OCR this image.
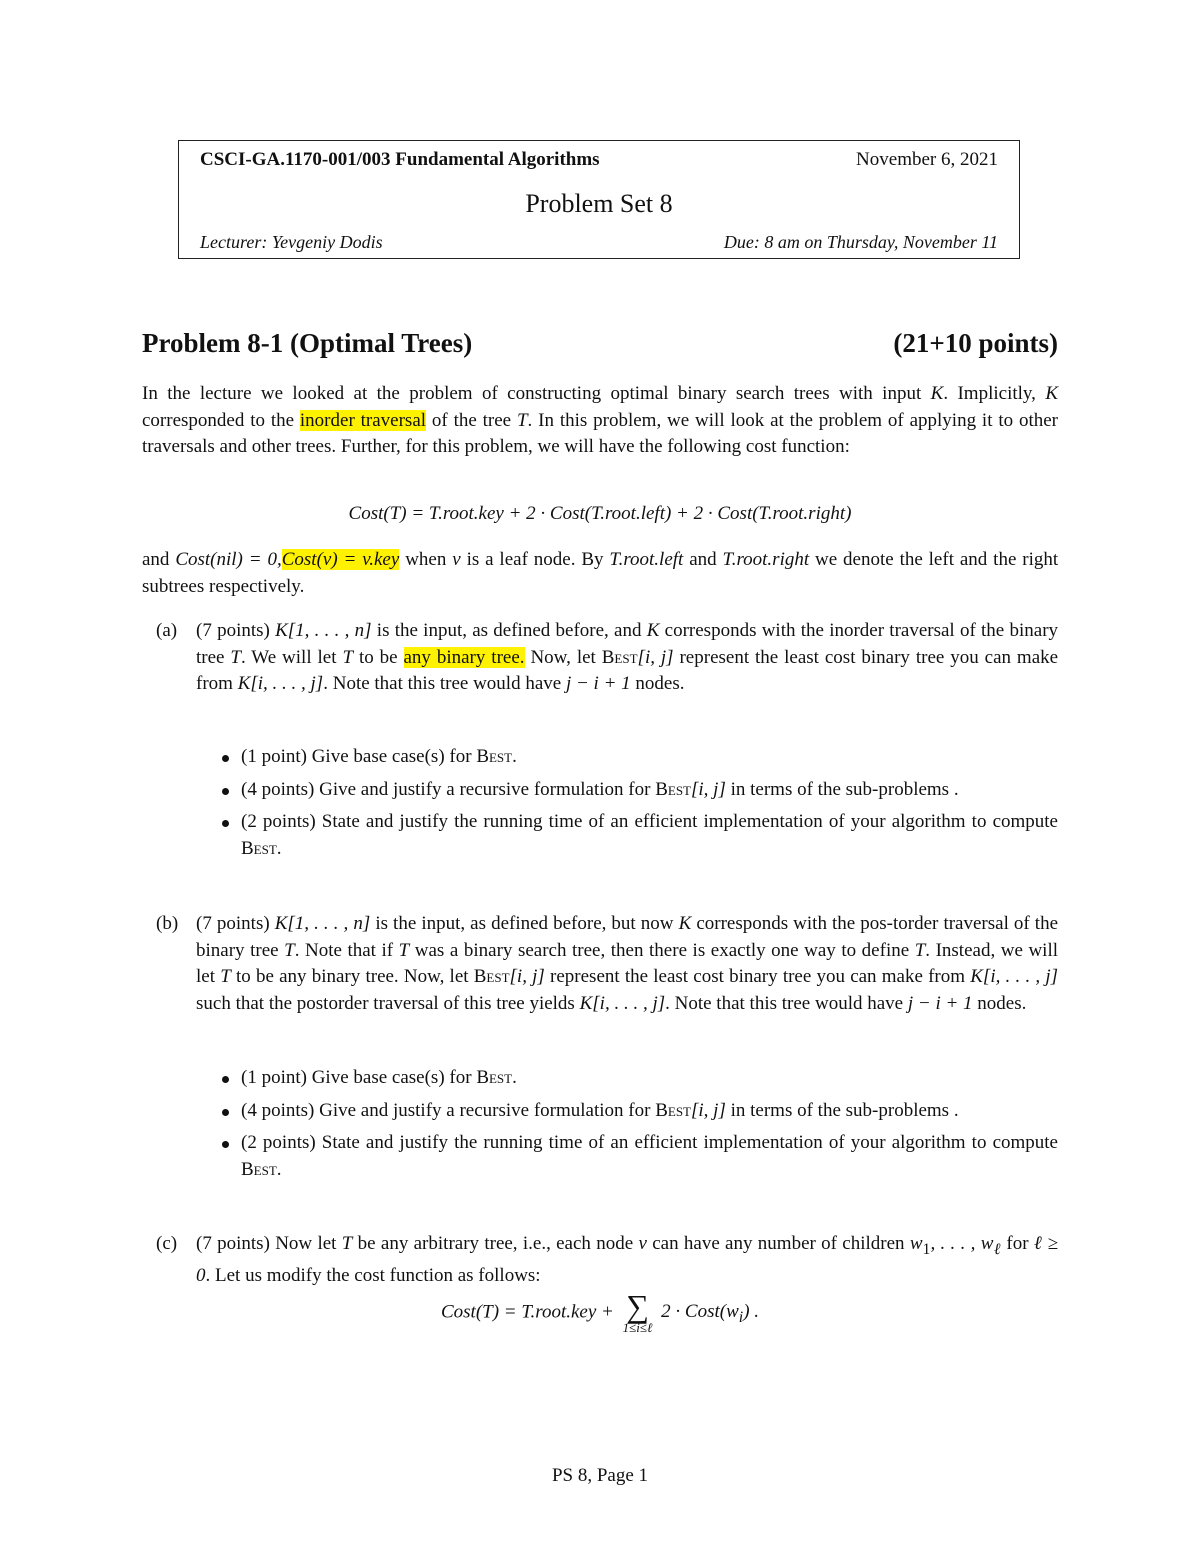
CSCI-GA.1170-001/003 Fundamental Algorithms	November 6, 2021
Problem Set 8
Lecturer: Yevgeniy Dodis	Due: 8 am on Thursday, November 11
Problem 8-1 (Optimal Trees)	(21+10 points)
In the lecture we looked at the problem of constructing optimal binary search trees with input K. Implicitly, K corresponded to the inorder traversal of the tree T. In this problem, we will look at the problem of applying it to other traversals and other trees. Further, for this problem, we will have the following cost function:
Cost(T) = T.root.key + 2 · Cost(T.root.left) + 2 · Cost(T.root.right)
and Cost(nil) = 0,Cost(v) = v.key when v is a leaf node. By T.root.left and T.root.right we denote the left and the right subtrees respectively.
(a) (7 points) K[1, . . . , n] is the input, as defined before, and K corresponds with the inorder traversal of the binary tree T. We will let T to be any binary tree. Now, let Best[i, j] represent the least cost binary tree you can make from K[i, . . . , j]. Note that this tree would have j − i + 1 nodes.
(1 point) Give base case(s) for Best.
(4 points) Give and justify a recursive formulation for Best[i, j] in terms of the sub-problems .
(2 points) State and justify the running time of an efficient implementation of your algorithm to compute Best.
(b) (7 points) K[1, . . . , n] is the input, as defined before, but now K corresponds with the pos-torder traversal of the binary tree T. Note that if T was a binary search tree, then there is exactly one way to define T. Instead, we will let T to be any binary tree. Now, let Best[i, j] represent the least cost binary tree you can make from K[i, . . . , j] such that the postorder traversal of this tree yields K[i, . . . , j]. Note that this tree would have j − i + 1 nodes.
(1 point) Give base case(s) for Best.
(4 points) Give and justify a recursive formulation for Best[i, j] in terms of the sub-problems .
(2 points) State and justify the running time of an efficient implementation of your algorithm to compute Best.
(c) (7 points) Now let T be any arbitrary tree, i.e., each node v can have any number of children $w_1$, . . . , $w_\ell$ for ℓ ≥ 0. Let us modify the cost function as follows:
Cost(T) = T.root.key + ∑
1≤i≤ℓ
$2 \cdot Cost(w_i)$ .
PS 8, Page 1
